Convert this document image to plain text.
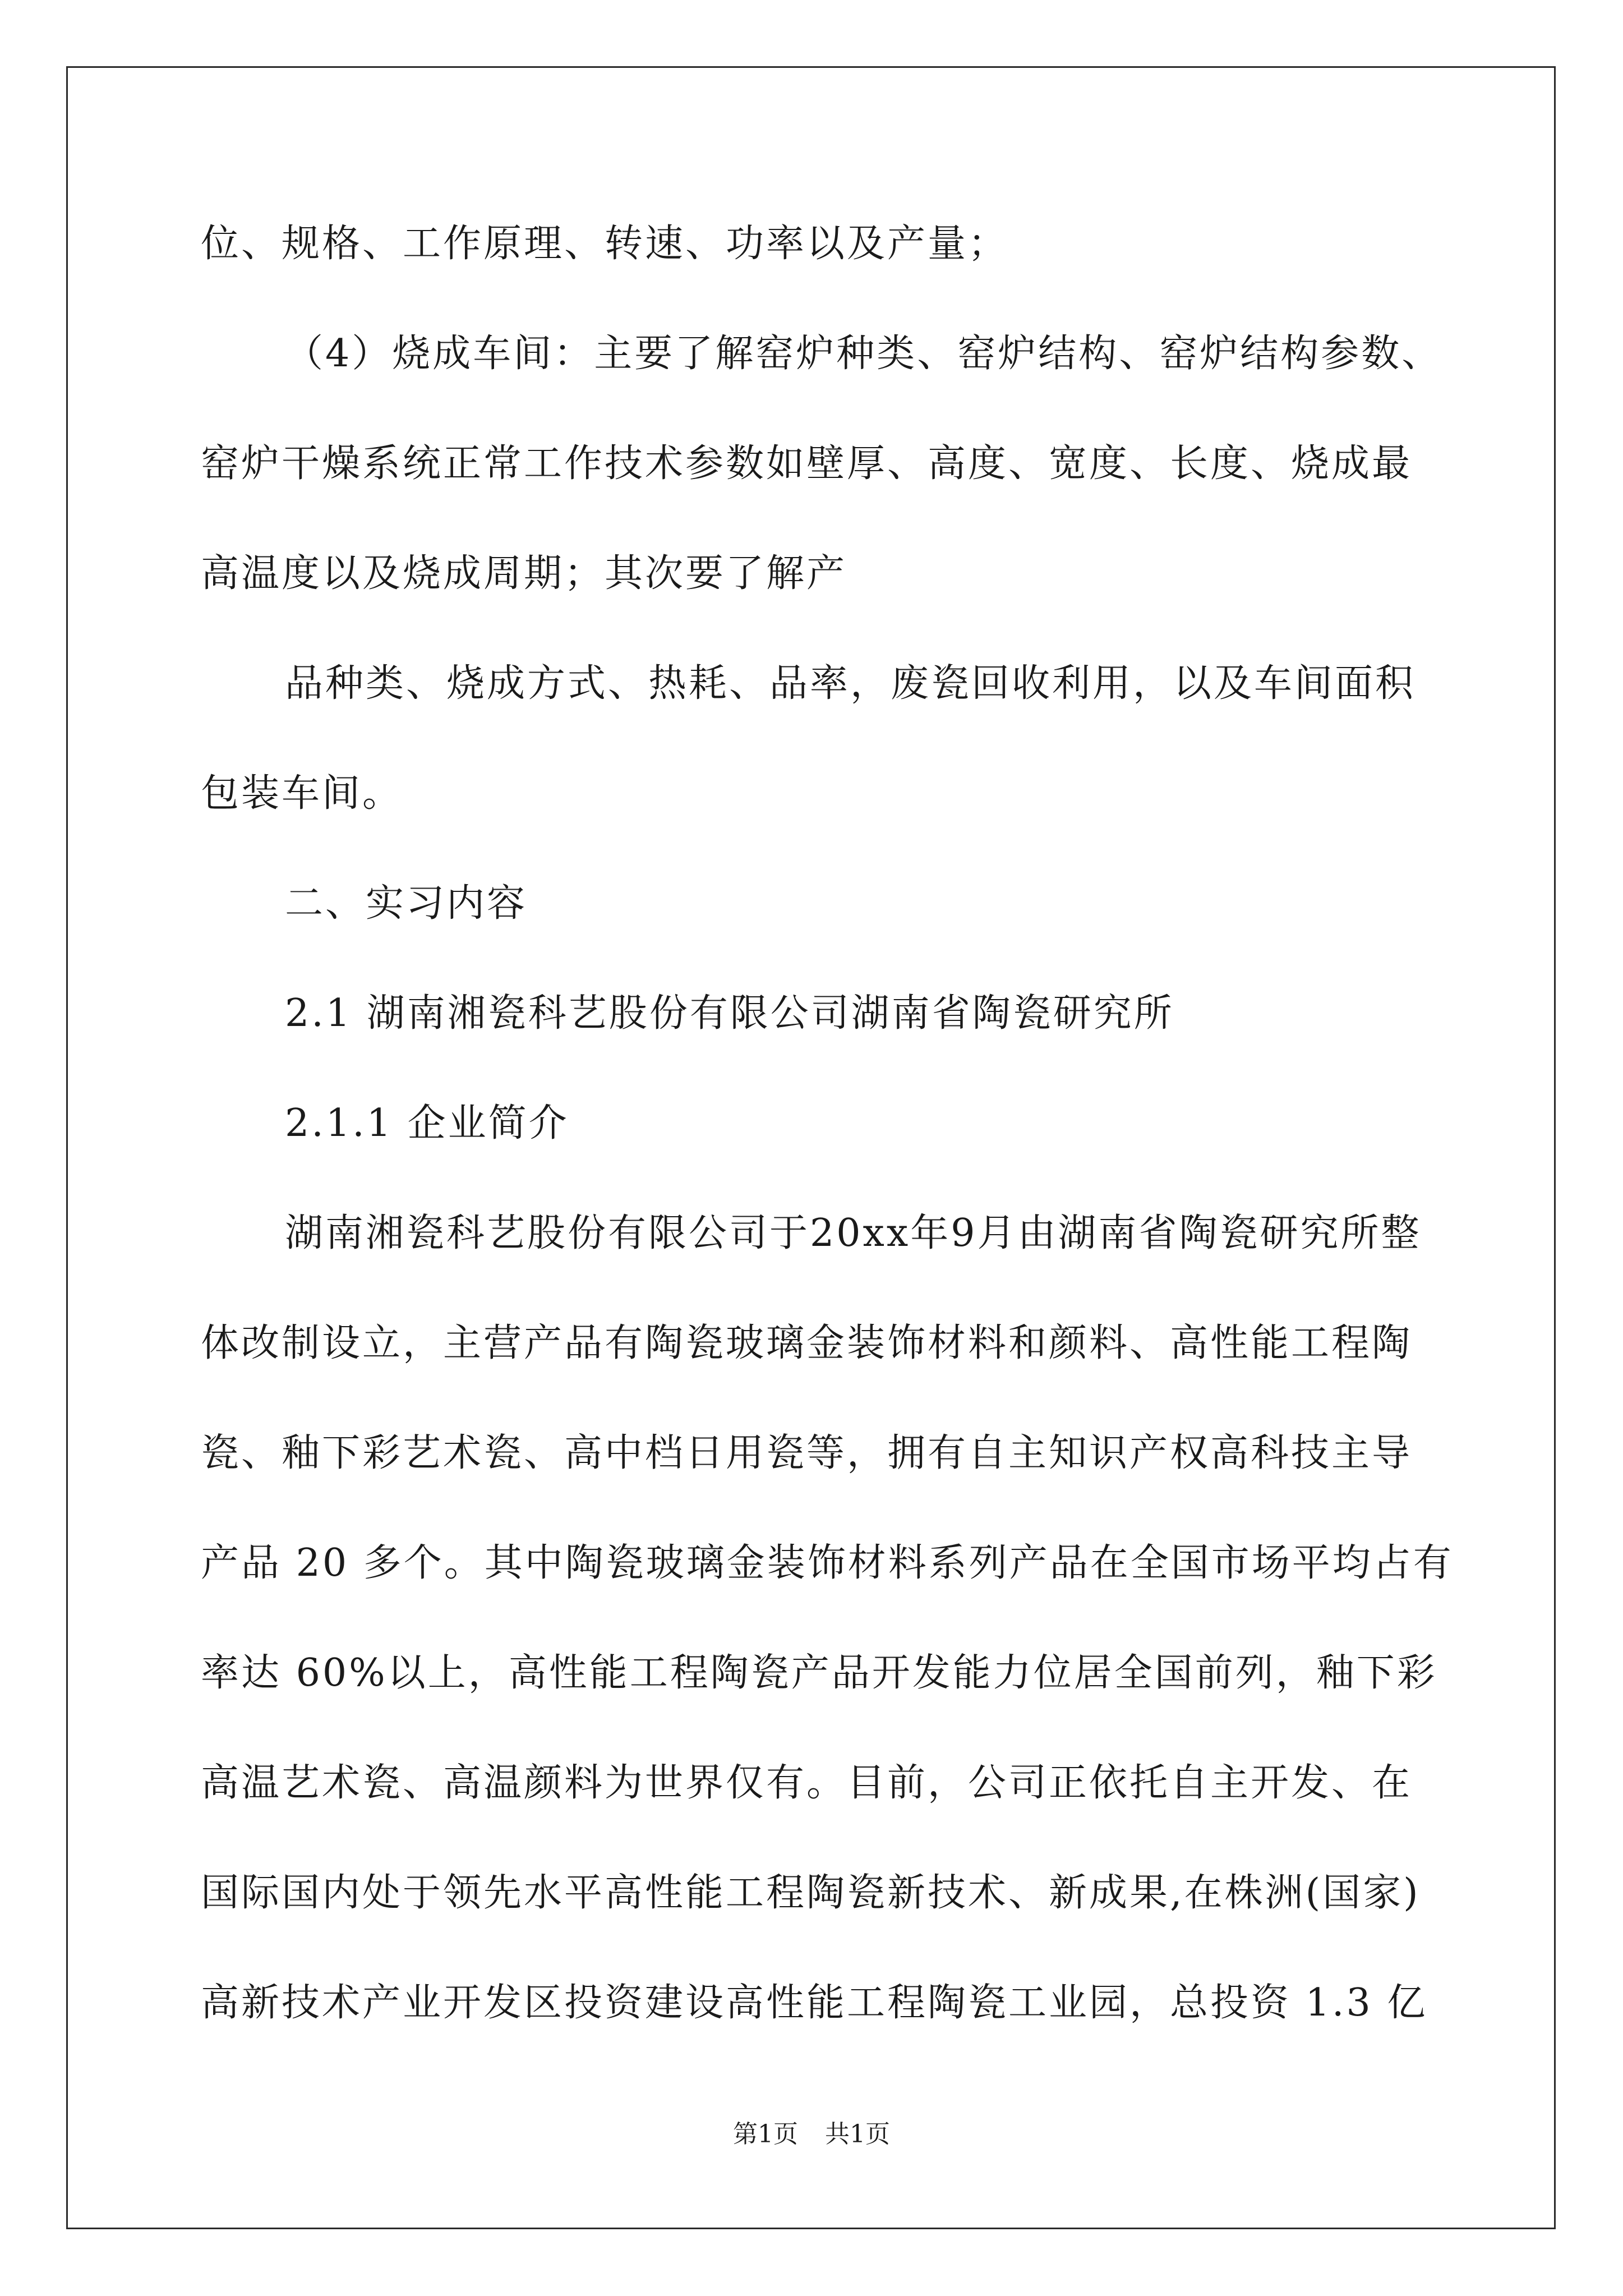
位、规格、工作原理、转速、功率以及产量；
（4）烧成车间：主要了解窑炉种类、窑炉结构、窑炉结构参数、
窑炉干燥系统正常工作技术参数如壁厚、高度、宽度、长度、烧成最
高温度以及烧成周期；其次要了解产
品种类、烧成方式、热耗、品率，废瓷回收利用，以及车间面积
包装车间。
二、实习内容
2.1 湖南湘瓷科艺股份有限公司湖南省陶瓷研究所
2.1.1 企业简介
湖南湘瓷科艺股份有限公司于20xx年9月由湖南省陶瓷研究所整
体改制设立，主营产品有陶瓷玻璃金装饰材料和颜料、高性能工程陶
瓷、釉下彩艺术瓷、高中档日用瓷等，拥有自主知识产权高科技主导
产品 20 多个。其中陶瓷玻璃金装饰材料系列产品在全国市场平均占有
率达 60%以上，高性能工程陶瓷产品开发能力位居全国前列，釉下彩
高温艺术瓷、高温颜料为世界仅有。目前，公司正依托自主开发、在
国际国内处于领先水平高性能工程陶瓷新技术、新成果,在株洲(国家)
高新技术产业开发区投资建设高性能工程陶瓷工业园，总投资 1.3 亿
第1页 共1页
